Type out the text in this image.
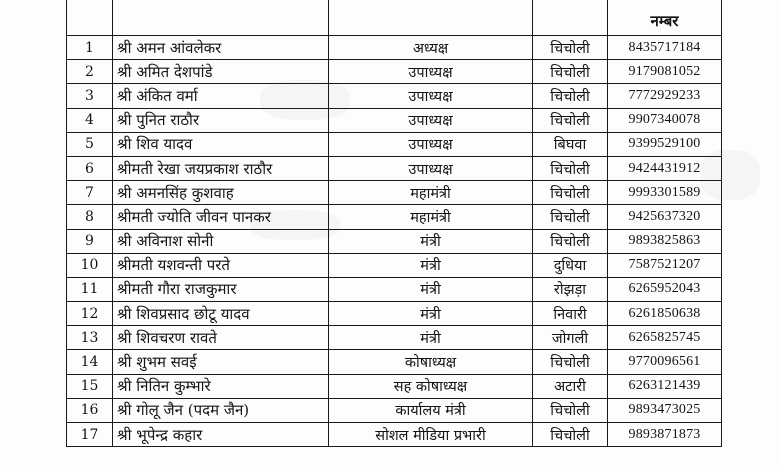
				नम्बर

1	श्री अमन आंवलेकर	अध्यक्ष	चिचोली	8435717184
2	श्री अमित देशपांडे	उपाध्यक्ष	चिचोली	9179081052
3	श्री अंकित वर्मा	उपाध्यक्ष	चिचोली	7772929233
4	श्री पुनित राठौर	उपाध्यक्ष	चिचोली	9907340078
5	श्री शिव यादव	उपाध्यक्ष	बिघवा	9399529100
6	श्रीमती रेखा जयप्रकाश राठौर	उपाध्यक्ष	चिचोली	9424431912
7	श्री अमनसिंह कुशवाह	महामंत्री	चिचोली	9993301589
8	श्रीमती ज्योति जीवन पानकर	महामंत्री	चिचोली	9425637320
9	श्री अविनाश सोनी	मंत्री	चिचोली	9893825863
10	श्रीमती यशवन्ती परते	मंत्री	दुधिया	7587521207
11	श्रीमती गौरा राजकुमार	मंत्री	रोझड़ा	6265952043
12	श्री शिवप्रसाद छोटू यादव	मंत्री	निवारी	6261850638
13	श्री शिवचरण रावते	मंत्री	जोगली	6265825745
14	श्री शुभम सवई	कोषाध्यक्ष	चिचोली	9770096561
15	श्री नितिन कुम्भारे	सह कोषाध्यक्ष	अटारी	6263121439
16	श्री गोलू जैन (पदम जैन)	कार्यालय मंत्री	चिचोली	9893473025
17	श्री भूपेन्द्र कहार	सोशल मीडिया प्रभारी	चिचोली	9893871873
